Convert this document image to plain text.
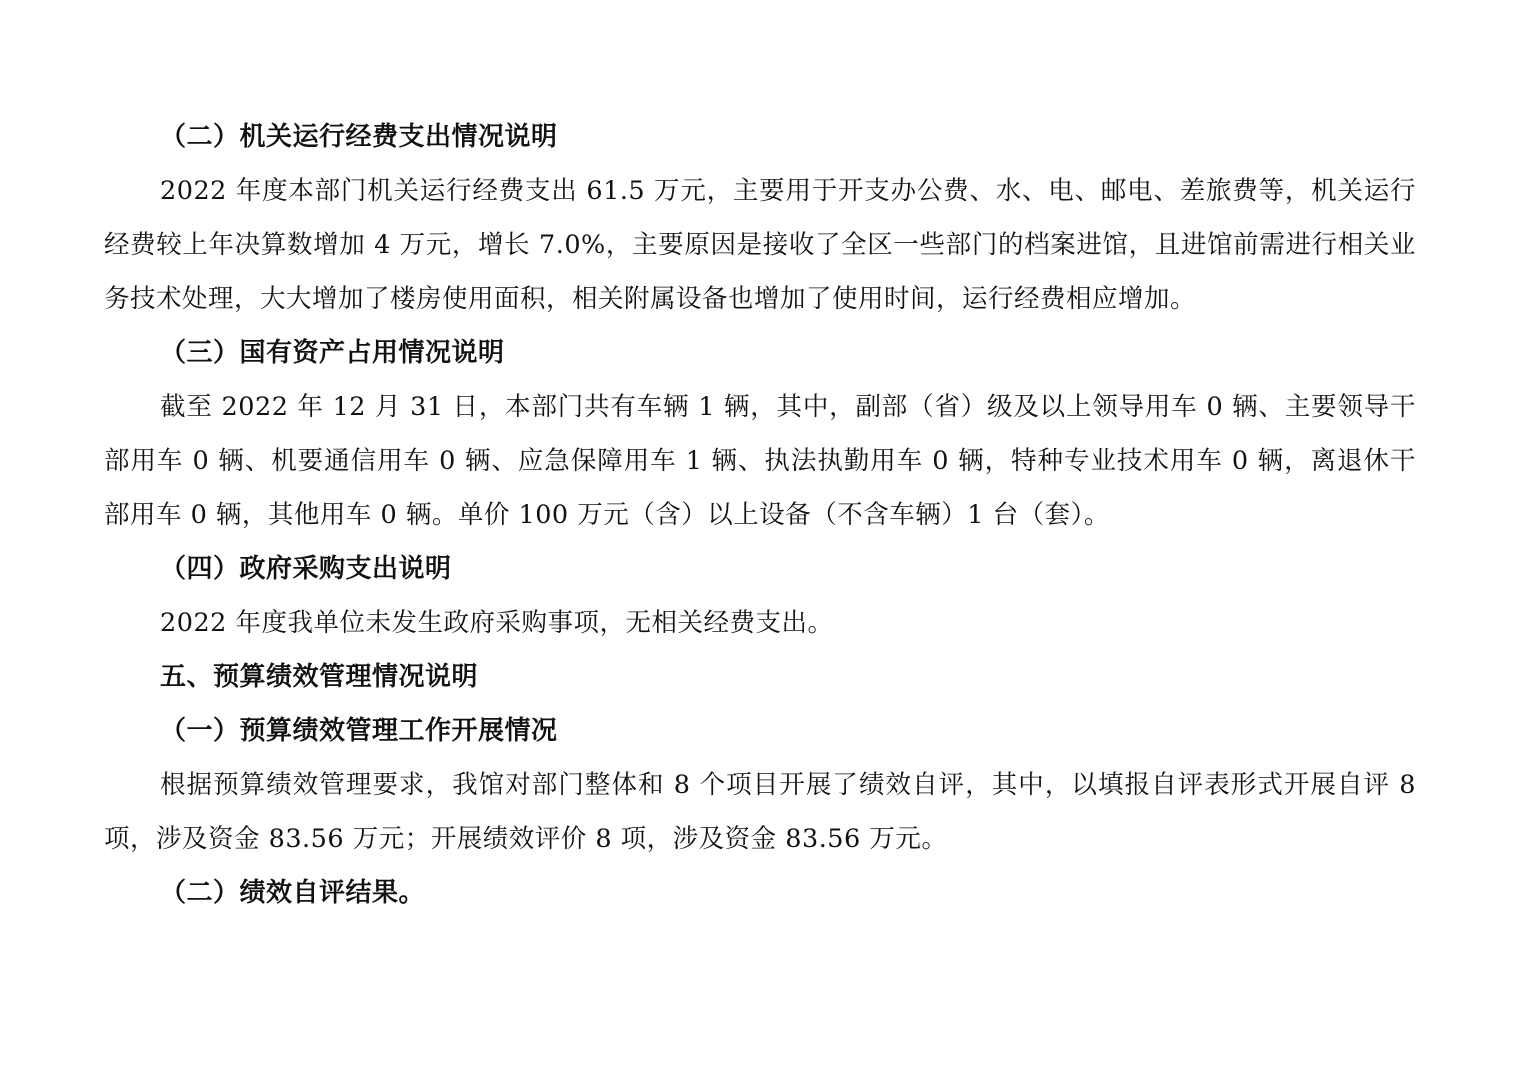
（二）机关运行经费支出情况说明

2022 年度本部门机关运行经费支出 61.5 万元，主要用于开支办公费、水、电、邮电、差旅费等，机关运行经费较上年决算数增加 4 万元，增长 7.0%，主要原因是接收了全区一些部门的档案进馆，且进馆前需进行相关业务技术处理，大大增加了楼房使用面积，相关附属设备也增加了使用时间，运行经费相应增加。

（三）国有资产占用情况说明

截至 2022 年 12 月 31 日，本部门共有车辆 1 辆，其中，副部（省）级及以上领导用车 0 辆、主要领导干部用车 0 辆、机要通信用车 0 辆、应急保障用车 1 辆、执法执勤用车 0 辆，特种专业技术用车 0 辆，离退休干部用车 0 辆，其他用车 0 辆。单价 100 万元（含）以上设备（不含车辆）1 台（套）。

（四）政府采购支出说明

2022 年度我单位未发生政府采购事项，无相关经费支出。

五、预算绩效管理情况说明
（一）预算绩效管理工作开展情况

根据预算绩效管理要求，我馆对部门整体和 8 个项目开展了绩效自评，其中，以填报自评表形式开展自评 8 项，涉及资金 83.56 万元；开展绩效评价 8 项，涉及资金 83.56 万元。

（二）绩效自评结果。
